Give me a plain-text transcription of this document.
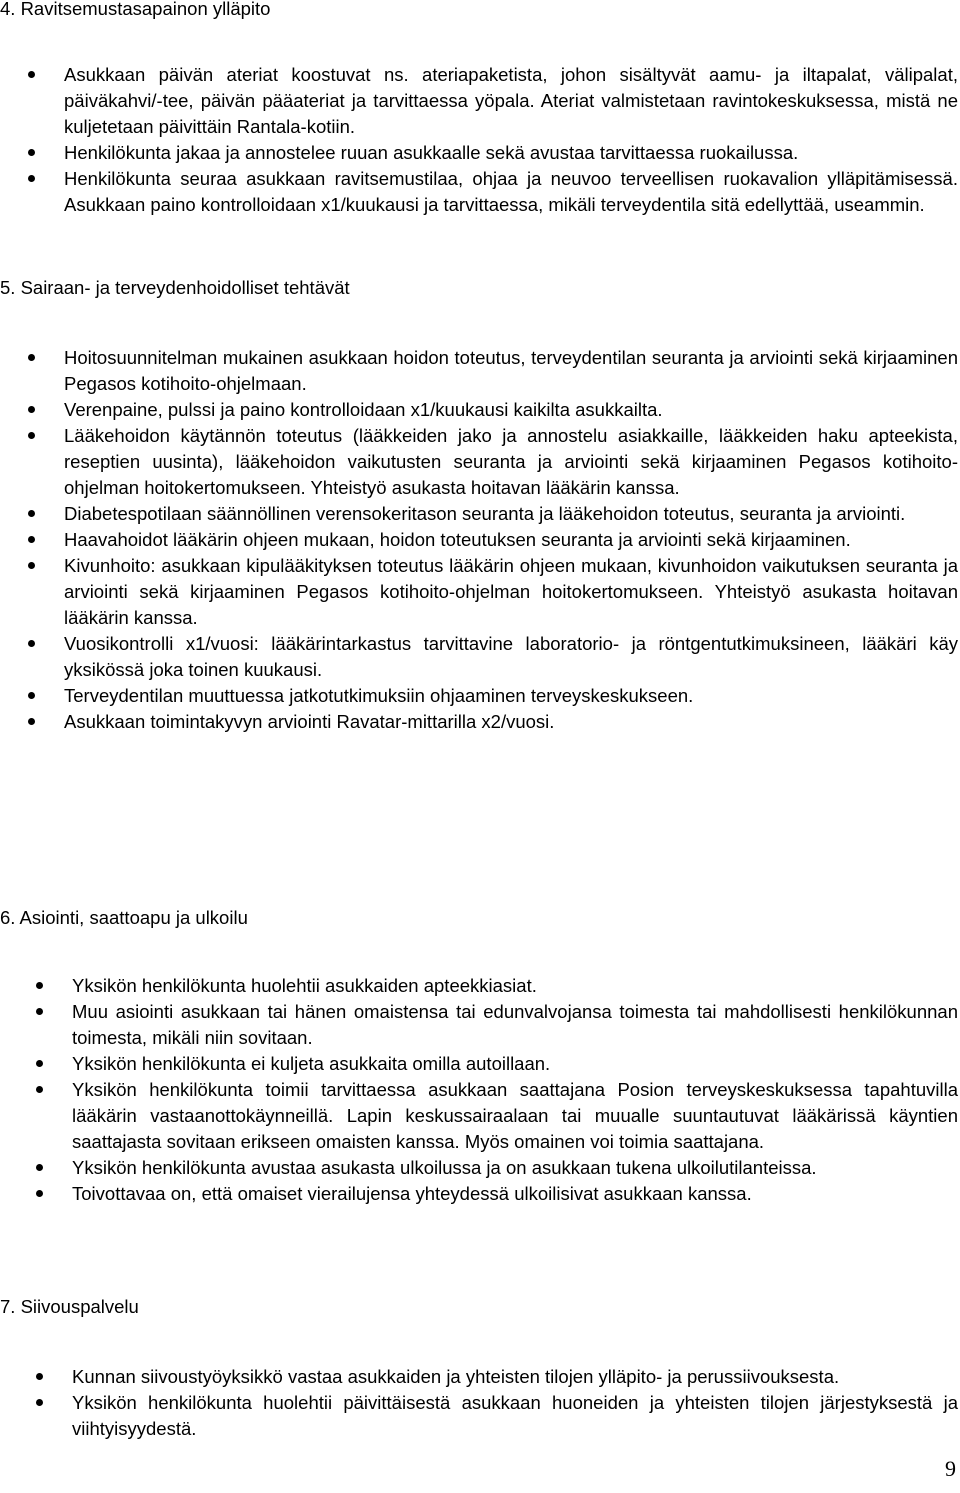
4. Ravitsemustasapainon ylläpito
Asukkaan päivän ateriat koostuvat ns. ateriapaketista, johon sisältyvät aamu- ja iltapalat, välipalat, päiväkahvi/-tee, päivän pääateriat ja tarvittaessa yöpala. Ateriat valmistetaan ravintokeskuksessa, mistä ne kuljetetaan päivittäin Rantala-kotiin.
Henkilökunta jakaa ja annostelee ruuan asukkaalle sekä avustaa tarvittaessa ruokailussa.
Henkilökunta seuraa asukkaan ravitsemustilaa, ohjaa ja neuvoo terveellisen ruokavalion ylläpitämisessä. Asukkaan paino kontrolloidaan x1/kuukausi ja tarvittaessa, mikäli terveydentila sitä edellyttää, useammin.
5. Sairaan- ja terveydenhoidolliset tehtävät
Hoitosuunnitelman mukainen asukkaan hoidon toteutus, terveydentilan seuranta ja arviointi sekä kirjaaminen Pegasos kotihoito-ohjelmaan.
Verenpaine, pulssi ja paino kontrolloidaan x1/kuukausi kaikilta asukkailta.
Lääkehoidon käytännön toteutus (lääkkeiden jako ja annostelu asiakkaille, lääkkeiden haku apteekista, reseptien uusinta), lääkehoidon vaikutusten seuranta ja arviointi sekä kirjaaminen Pegasos kotihoito-ohjelman hoitokertomukseen. Yhteistyö asukasta hoitavan lääkärin kanssa.
Diabetespotilaan säännöllinen verensokeritason seuranta ja lääkehoidon toteutus, seuranta ja arviointi.
Haavahoidot lääkärin ohjeen mukaan, hoidon toteutuksen seuranta ja arviointi sekä kirjaaminen.
Kivunhoito: asukkaan kipulääkityksen toteutus lääkärin ohjeen mukaan, kivunhoidon vaikutuksen seuranta ja arviointi sekä kirjaaminen Pegasos kotihoito-ohjelman hoitokertomukseen. Yhteistyö asukasta hoitavan lääkärin kanssa.
Vuosikontrolli x1/vuosi: lääkärintarkastus tarvittavine laboratorio- ja röntgentutkimuksineen, lääkäri käy yksikössä joka toinen kuukausi.
Terveydentilan muuttuessa jatkotutkimuksiin ohjaaminen terveyskeskukseen.
Asukkaan toimintakyvyn arviointi Ravatar-mittarilla x2/vuosi.
6. Asiointi, saattoapu ja ulkoilu
Yksikön henkilökunta huolehtii asukkaiden apteekkiasiat.
Muu asiointi asukkaan tai hänen omaistensa tai edunvalvojansa toimesta tai mahdollisesti henkilökunnan toimesta, mikäli niin sovitaan.
Yksikön henkilökunta ei kuljeta asukkaita omilla autoillaan.
Yksikön henkilökunta toimii tarvittaessa asukkaan saattajana Posion terveyskeskuksessa tapahtuvilla lääkärin vastaanottokäynneillä. Lapin keskussairaalaan tai muualle suuntautuvat lääkärissä käyntien saattajasta sovitaan erikseen omaisten kanssa. Myös omainen voi toimia saattajana.
Yksikön henkilökunta avustaa asukasta ulkoilussa ja on asukkaan tukena ulkoilutilanteissa.
Toivottavaa on, että omaiset vierailujensa yhteydessä ulkoilisivat asukkaan kanssa.
7. Siivouspalvelu
Kunnan siivoustyöyksikkö vastaa asukkaiden ja yhteisten tilojen ylläpito- ja perussiivouksesta.
Yksikön henkilökunta huolehtii päivittäisestä asukkaan huoneiden ja yhteisten tilojen järjestyksestä ja viihtyisyydestä.
9
